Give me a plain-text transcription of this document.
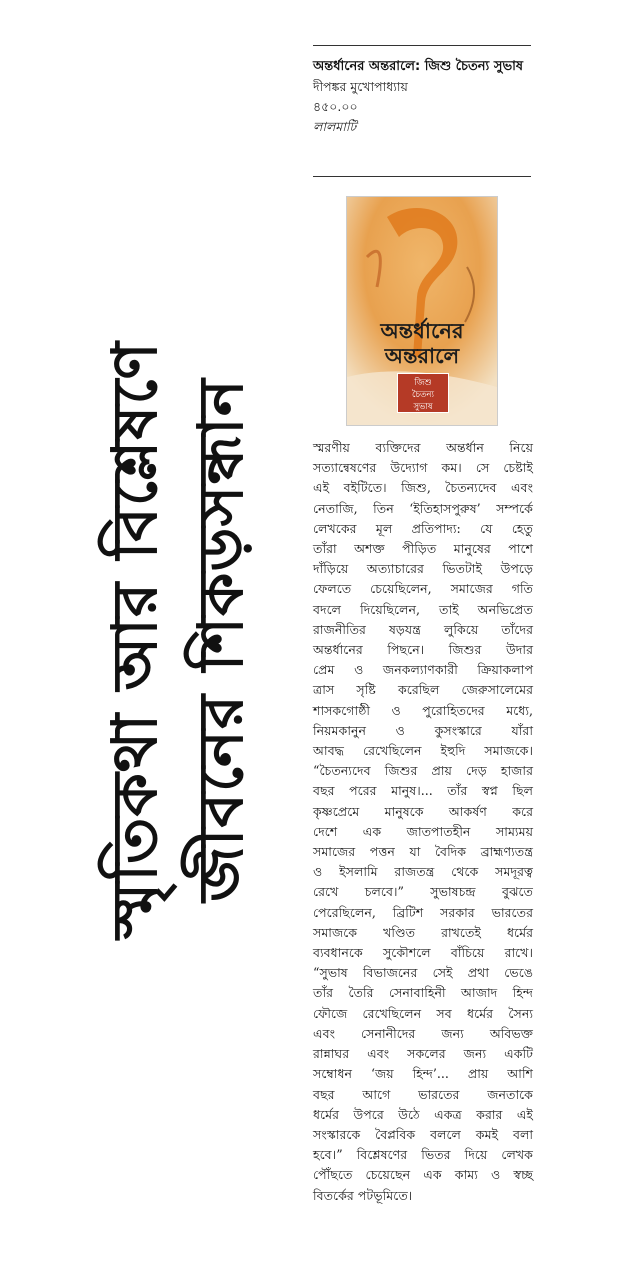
স্মৃতিকথা আর বিশ্লেষণে জীবনের শিকড়সন্ধান
অন্তর্ধানের অন্তরালে: জিশু চৈতন্য সুভাষ
দীপঙ্কর মুখোপাধ্যায়
৪৫০.০০
লালমাটি
অন্তর্ধানের
অন্তরালে
জিশু
চৈতন্য
সুভাষ
স্মরণীয় ব্যক্তিদের অন্তর্ধান নিয়ে
সত্যান্বেষণের উদ্যোগ কম। সে চেষ্টাই
এই বইটিতে। জিশু, চৈতন্যদেব এবং
নেতাজি, তিন ‘ইতিহাসপুরুষ’ সম্পর্কে
লেখকের মূল প্রতিপাদ্য: যে হেতু
তাঁরা অশক্ত পীড়িত মানুষের পাশে
দাঁড়িয়ে অত্যাচারের ভিতটাই উপড়ে
ফেলতে চেয়েছিলেন, সমাজের গতি
বদলে দিয়েছিলেন, তাই অনভিপ্রেত
রাজনীতির ষড়যন্ত্র লুকিয়ে তাঁদের
অন্তর্ধানের পিছনে। জিশুর উদার
প্রেম ও জনকল্যাণকারী ক্রিয়াকলাপ
ত্রাস সৃষ্টি করেছিল জেরুসালেমের
শাসকগোষ্ঠী ও পুরোহিতদের মধ্যে,
নিয়মকানুন ও কুসংস্কারে যাঁরা
আবদ্ধ রেখেছিলেন ইহুদি সমাজকে।
“চৈতন্যদেব জিশুর প্রায় দেড় হাজার
বছর পরের মানুষ।... তাঁর স্বপ্ন ছিল
কৃষ্ণপ্রেমে মানুষকে আকর্ষণ করে
দেশে এক জাতপাতহীন সাম্যময়
সমাজের পত্তন যা বৈদিক ব্রাহ্মণ্যতন্ত্র
ও ইসলামি রাজতন্ত্র থেকে সমদূরত্ব
রেখে চলবে।” সুভাষচন্দ্র বুঝতে
পেরেছিলেন, ব্রিটিশ সরকার ভারতের
সমাজকে খণ্ডিত রাখতেই ধর্মের
ব্যবধানকে সুকৌশলে বাঁচিয়ে রাখে।
“সুভাষ বিভাজনের সেই প্রথা ভেঙে
তাঁর তৈরি সেনাবাহিনী আজাদ হিন্দ
ফৌজে রেখেছিলেন সব ধর্মের সৈন্য
এবং সেনানীদের জন্য অবিভক্ত
রান্নাঘর এবং সকলের জন্য একটি
সম্বোধন ‘জয় হিন্দ’... প্রায় আশি
বছর আগে ভারতের জনতাকে
ধর্মের উপরে উঠে একত্র করার এই
সংস্কারকে বৈপ্লবিক বললে কমই বলা
হবে।” বিশ্লেষণের ভিতর দিয়ে লেখক
পৌঁছতে চেয়েছেন এক কাম্য ও স্বচ্ছ
বিতর্কের পটভূমিতে।
